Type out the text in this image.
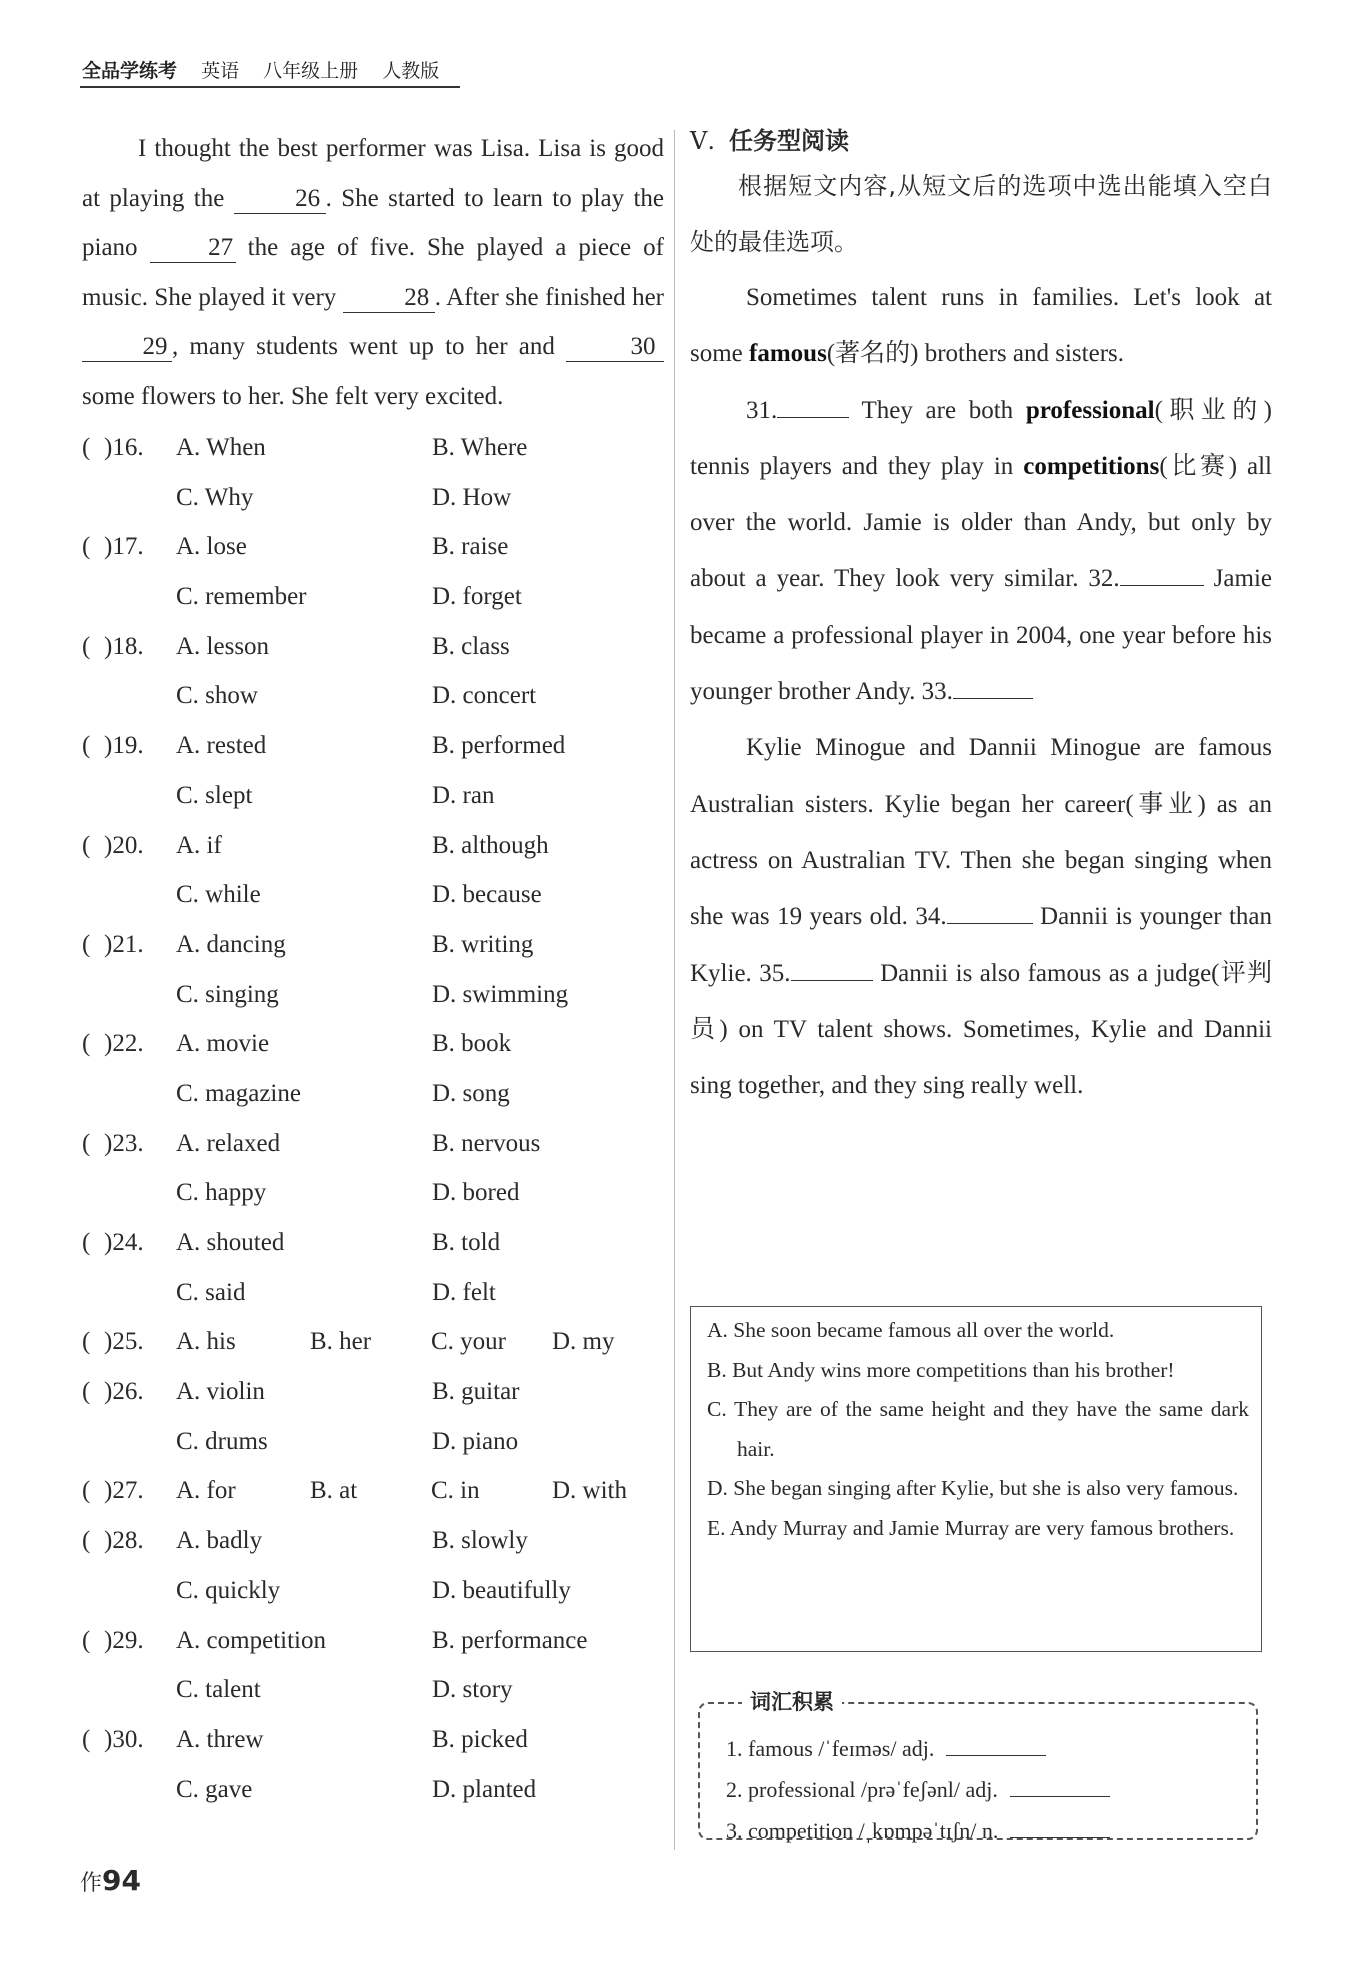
全品学练考 英语 八年级上册 人教版

I thought the best performer was Lisa. Lisa is good at playing the	26 . She started to learn to play the piano	27 the age of five. She played a piece of music. She played it very	28 . After she finished her 29 , many students went up to her and	30 some flowers to her. She felt very excited.

( )16. A. When	B. Where
C. Why	D. How
( )17. A. lose	B. raise
C. remember	D. forget
( )18. A. lesson	B. class
C. show	D. concert
( )19. A. rested	B. performed
C. slept	D. ran
( )20. A. if	B. although
C. while	D. because
( )21. A. dancing	B. writing
C. singing	D. swimming
( )22. A. movie	B. book
C. magazine	D. song
( )23. A. relaxed	B. nervous
C. happy	D. bored
( )24. A. shouted	B. told
C. said	D. felt
( )25. A. his	B. her C. your D. my
( )26. A. violin	B. guitar
C. drums	D. piano
( )27. A. for	B. at	C. in	D. with
( )28. A. badly	B. slowly
C. quickly	D. beautifully
( )29. A. competition	B. performance
C. talent	D. story
( )30. A. threw	B. picked
C. gave	D. planted

Ⅴ. 任务型阅读

根据短文内容,从短文后的选项中选出能填入空白处的最佳选项。

Sometimes talent runs in families. Let's look at some famous(著名的) brothers and sisters.

31.	They are both professional(职业的) tennis players and they play in competitions(比赛) all over the world. Jamie is older than Andy, but only by about a year. They look very similar. 32.	Jamie became a professional player in 2004, one year before his younger brother Andy. 33.

Kylie Minogue and Dannii Minogue are famous Australian sisters. Kylie began her career(事业) as an actress on Australian TV. Then she began singing when she was 19 years old. 34.	Dannii is younger than Kylie. 35.	Dannii is also famous as a judge(评判员) on TV talent shows. Sometimes, Kylie and Dannii sing together, and they sing really well.

A. She soon became famous all over the world.

B. But Andy wins more competitions than his brother!

C. They are of the same height and they have the same dark hair.

D. She began singing after Kylie, but she is also very famous.

E. Andy Murray and Jamie Murray are very famous brothers.

词汇积累
1. famous /ˈfeɪməs/ adj.
2. professional /prəˈfeʃənl/ adj.
3. competition /ˌkɒmpəˈtɪʃn/ n.
作94
